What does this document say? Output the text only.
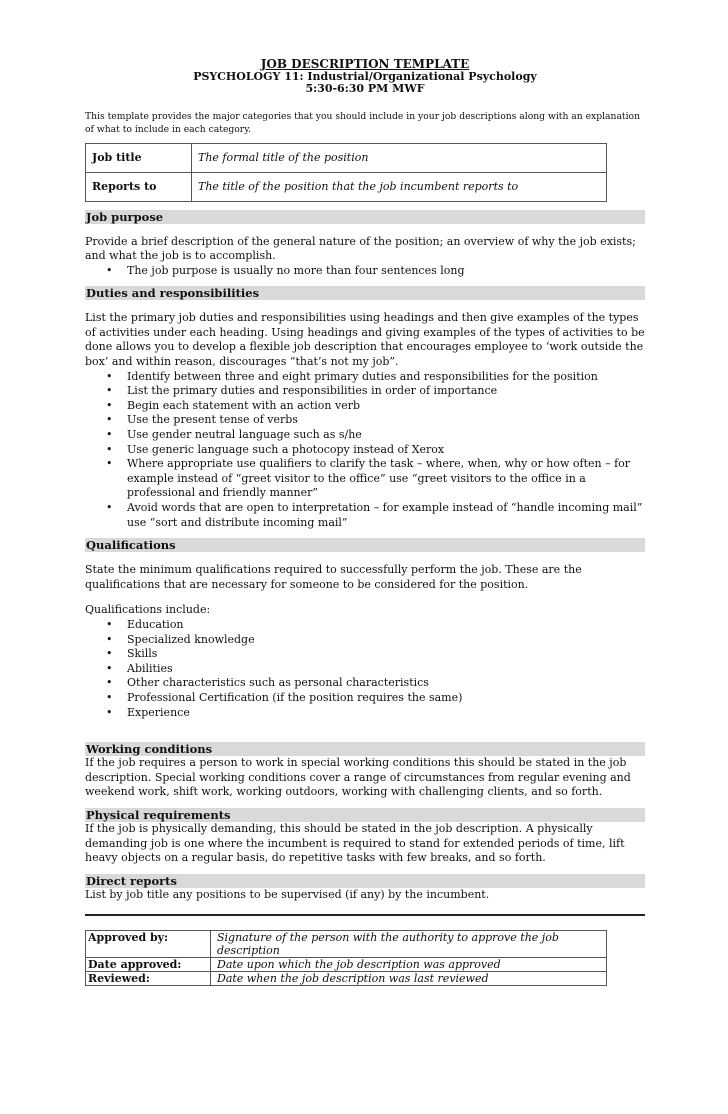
JOB DESCRIPTION TEMPLATE
PSYCHOLOGY 11: Industrial/Organizational Psychology
5:30-6:30 PM MWF
This template provides the major categories that you should include in your job descriptions along with an explanation of what to include in each category.
Job title	The formal title of the position
Reports to	The title of the position that the job incumbent reports to
Job purpose
Provide a brief description of the general nature of the position; an overview of why the job exists; and what the job is to accomplish.
• The job purpose is usually no more than four sentences long
Duties and responsibilities
List the primary job duties and responsibilities using headings and then give examples of the types of activities under each heading. Using headings and giving examples of the types of activities to be done allows you to develop a flexible job description that encourages employee to ‘work outside the box’ and within reason, discourages “that’s not my job”.
• Identify between three and eight primary duties and responsibilities for the position
• List the primary duties and responsibilities in order of importance
• Begin each statement with an action verb
• Use the present tense of verbs
• Use gender neutral language such as s/he
• Use generic language such a photocopy instead of Xerox
• Where appropriate use qualifiers to clarify the task – where, when, why or how often – for example instead of “greet visitor to the office” use “greet visitors to the office in a professional and friendly manner”
• Avoid words that are open to interpretation – for example instead of “handle incoming mail” use “sort and distribute incoming mail”
Qualifications
State the minimum qualifications required to successfully perform the job. These are the qualifications that are necessary for someone to be considered for the position.
Qualifications include:
• Education
• Specialized knowledge
• Skills
• Abilities
• Other characteristics such as personal characteristics
• Professional Certification (if the position requires the same)
• Experience
Working conditions
If the job requires a person to work in special working conditions this should be stated in the job description. Special working conditions cover a range of circumstances from regular evening and weekend work, shift work, working outdoors, working with challenging clients, and so forth.
Physical requirements
If the job is physically demanding, this should be stated in the job description. A physically demanding job is one where the incumbent is required to stand for extended periods of time, lift heavy objects on a regular basis, do repetitive tasks with few breaks, and so forth.
Direct reports
List by job title any positions to be supervised (if any) by the incumbent.
Approved by:	Signature of the person with the authority to approve the job description
Date approved:	Date upon which the job description was approved
Reviewed:	Date when the job description was last reviewed
